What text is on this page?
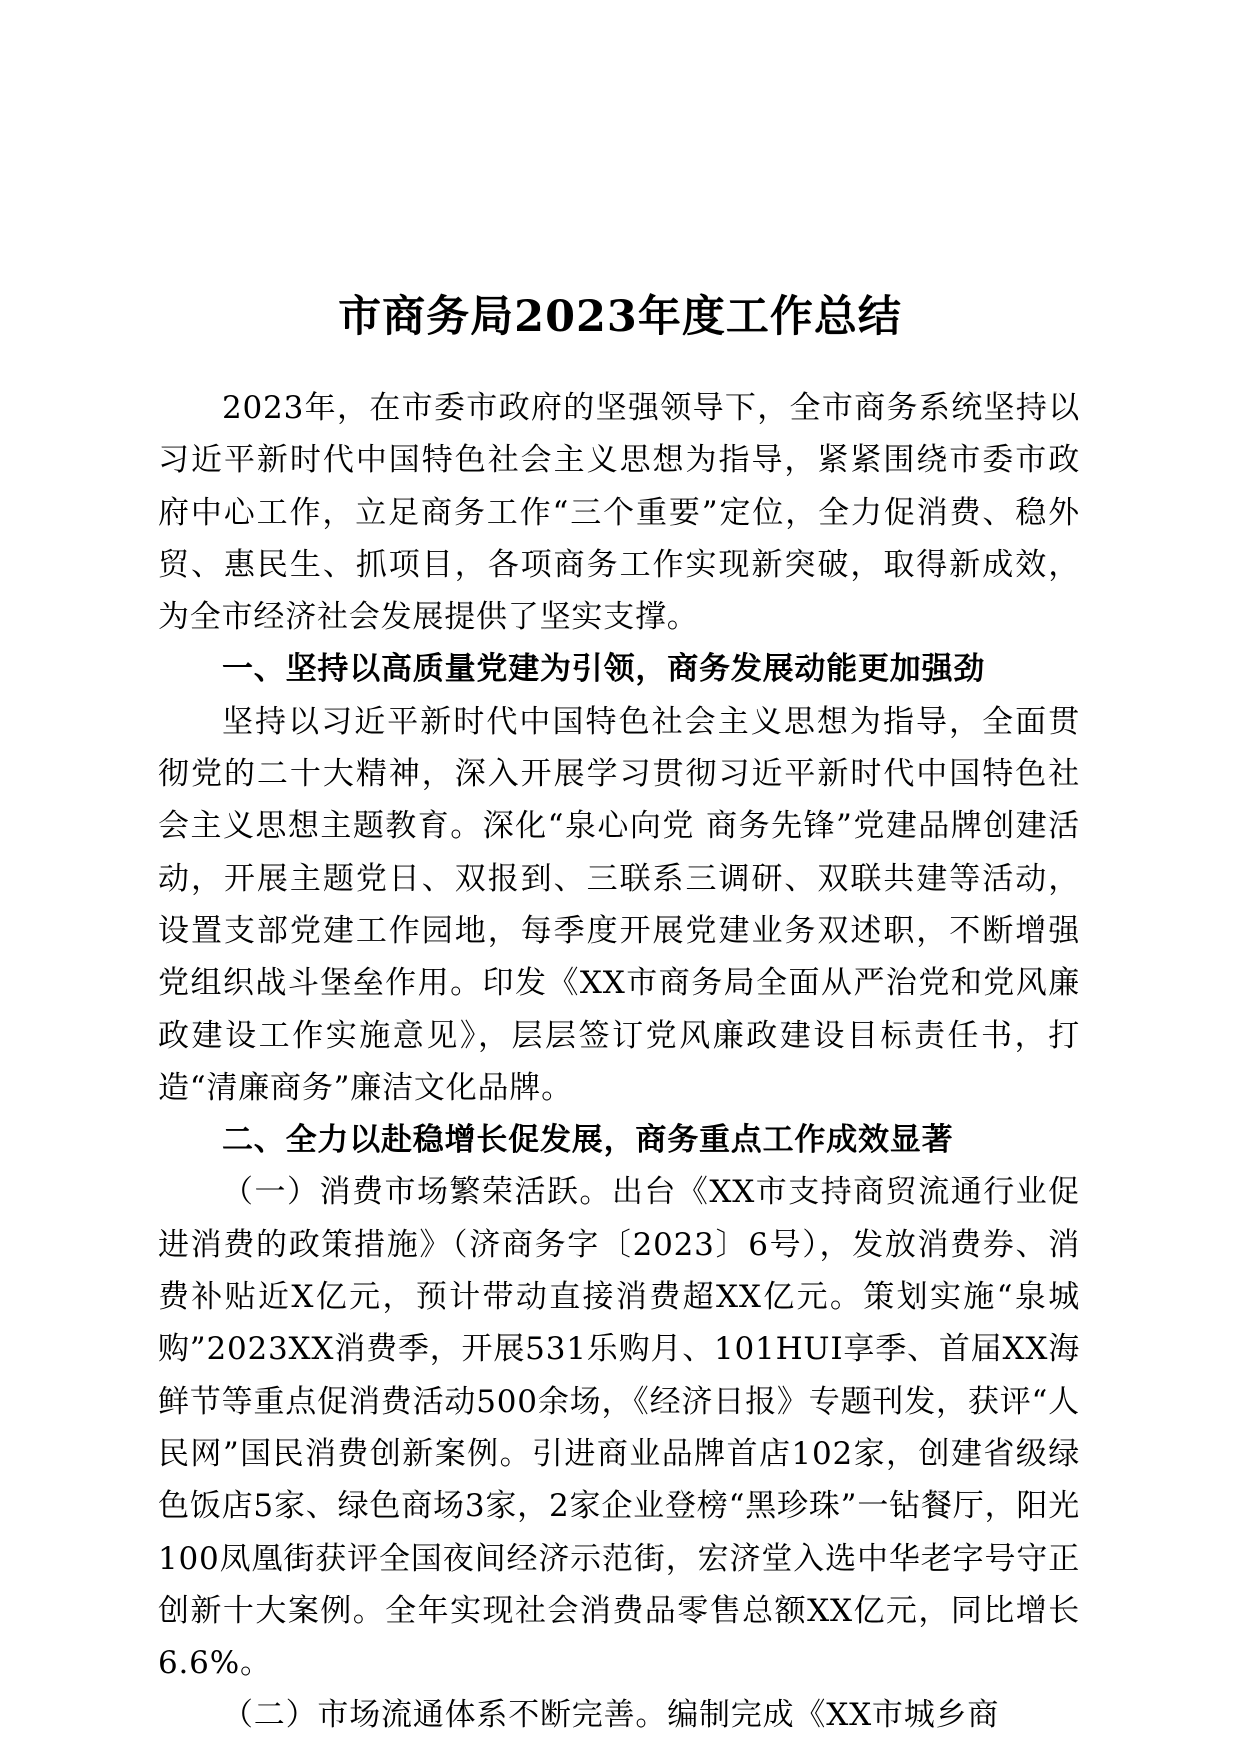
市商务局2023年度工作总结

2023年，在市委市政府的坚强领导下，全市商务系统坚持以习近平新时代中国特色社会主义思想为指导，紧紧围绕市委市政府中心工作，立足商务工作“三个重要”定位，全力促消费、稳外贸、惠民生、抓项目，各项商务工作实现新突破，取得新成效，为全市经济社会发展提供了坚实支撑。

一、坚持以高质量党建为引领，商务发展动能更加强劲

坚持以习近平新时代中国特色社会主义思想为指导，全面贯彻党的二十大精神，深入开展学习贯彻习近平新时代中国特色社会主义思想主题教育。深化“泉心向党 商务先锋”党建品牌创建活动，开展主题党日、双报到、三联系三调研、双联共建等活动，设置支部党建工作园地，每季度开展党建业务双述职，不断增强党组织战斗堡垒作用。印发《XX市商务局全面从严治党和党风廉政建设工作实施意见》，层层签订党风廉政建设目标责任书，打造“清廉商务”廉洁文化品牌。

二、全力以赴稳增长促发展，商务重点工作成效显著

（一）消费市场繁荣活跃。出台《XX市支持商贸流通行业促进消费的政策措施》（济商务字〔2023〕6号），发放消费券、消费补贴近X亿元，预计带动直接消费超XX亿元。策划实施“泉城购”2023XX消费季，开展531乐购月、101HUI享季、首届XX海鲜节等重点促消费活动500余场，《经济日报》专题刊发，获评“人民网”国民消费创新案例。引进商业品牌首店102家，创建省级绿色饭店5家、绿色商场3家，2家企业登榜“黑珍珠”一钻餐厅，阳光100凤凰街获评全国夜间经济示范街，宏济堂入选中华老字号守正创新十大案例。全年实现社会消费品零售总额XX亿元，同比增长6.6%。

（二）市场流通体系不断完善。编制完成《XX市城乡商
